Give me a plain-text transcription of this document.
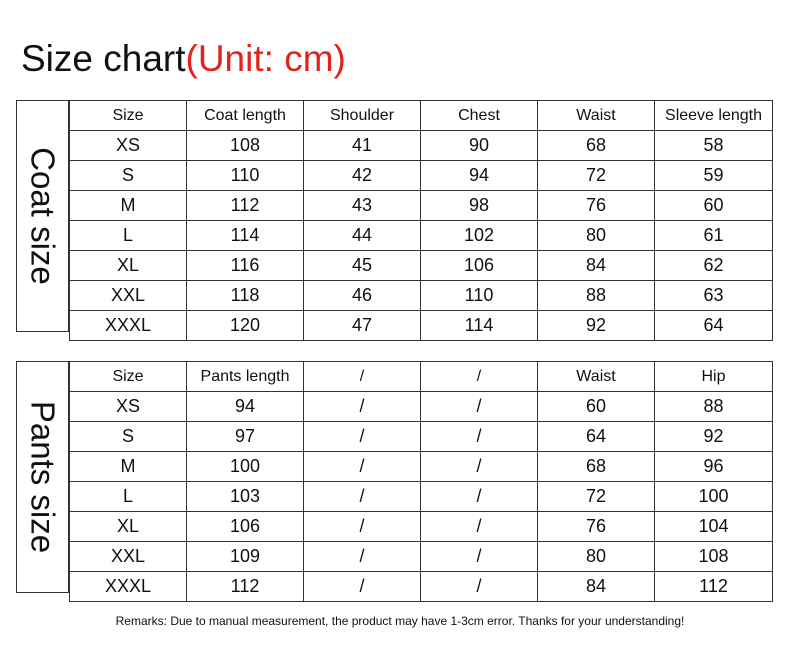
Size chart(Unit: cm)
Coat size
Size	Coat length	Shoulder	Chest	Waist	Sleeve length
XS	108	41	90	68	58
S	110	42	94	72	59
M	112	43	98	76	60
L	114	44	102	80	61
XL	116	45	106	84	62
XXL	118	46	110	88	63
XXXL	120	47	114	92	64
Pants size
Size	Pants length	/	/	Waist	Hip
XS	94	/	/	60	88
S	97	/	/	64	92
M	100	/	/	68	96
L	103	/	/	72	100
XL	106	/	/	76	104
XXL	109	/	/	80	108
XXXL	112	/	/	84	112
Remarks: Due to manual measurement, the product may have 1-3cm error. Thanks for your understanding!
